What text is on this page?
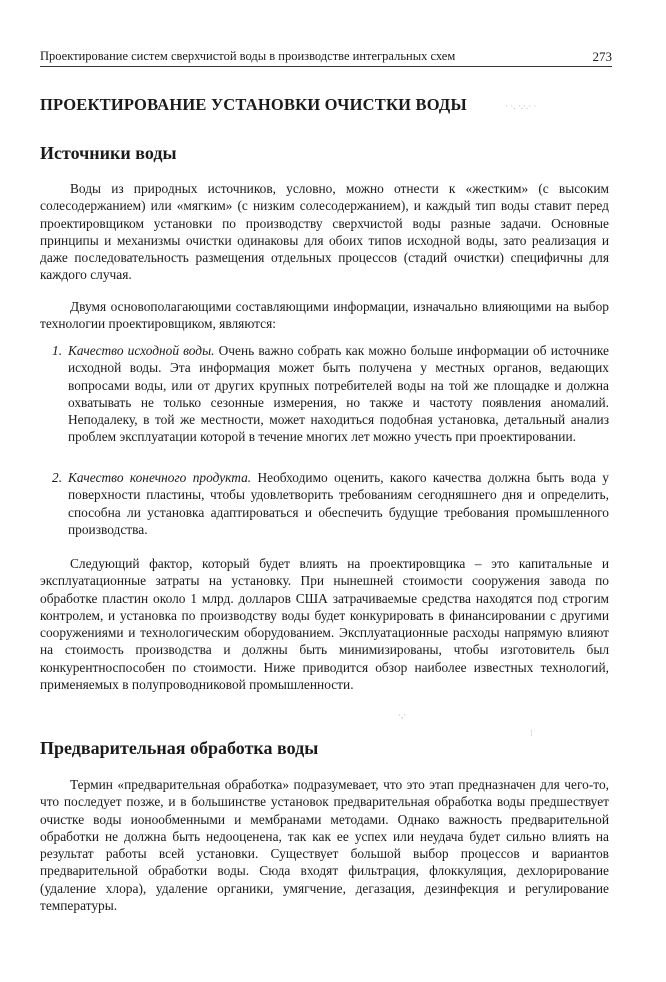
Проектирование систем сверхчистой воды в производстве интегральных схем	273
ПРОЕКТИРОВАНИЕ УСТАНОВКИ ОЧИСТКИ ВОДЫ	· ·. ·.·.· ·
Источники воды

Воды из природных источников, условно, можно отнести к «жестким» (с высоким солесодержанием) или «мягким» (с низким солесодержанием), и каждый тип воды ставит перед проектировщиком установки по производству сверхчистой воды разные задачи. Основные принципы и механизмы очистки одинаковы для обоих типов исходной воды, зато реализация и даже последовательность размещения отдельных процессов (стадий очистки) специфичны для каждого случая.

Двумя основополагающими составляющими информации, изначально влияющими на выбор технологии проектировщиком, являются:

1. Качество исходной воды. Очень важно собрать как можно больше информации об источнике исходной воды. Эта информация может быть получена у местных органов, ведающих вопросами воды, или от других крупных потребителей воды на той же площадке и должна охватывать не только сезонные измерения, но также и частоту появления аномалий. Неподалеку, в той же местности, может находиться подобная установка, детальный анализ проблем эксплуатации которой в течение многих лет можно учесть при проектировании.
2. Качество конечного продукта. Необходимо оценить, какого качества должна быть вода у поверхности пластины, чтобы удовлетворить требованиям сегодняшнего дня и определить, способна ли установка адаптироваться и обеспечить будущие требования промышленного производства.

Следующий фактор, который будет влиять на проектировщика – это капитальные и эксплуатационные затраты на установку. При нынешней стоимости сооружения завода по обработке пластин около 1 млрд. долларов США затрачиваемые средства находятся под строгим контролем, и установка по производству воды будет конкурировать в финансировании с другими сооружениями и технологическим оборудованием. Эксплуатационные расходы напрямую влияют на стоимость производства и должны быть минимизированы, чтобы изготовитель был конкурентноспособен по стоимости. Ниже приводится обзор наиболее известных технологий, применяемых в полупроводниковой промышленности.

·,·
⁝
Предварительная обработка воды

Термин «предварительная обработка» подразумевает, что это этап предназначен для чего-то, что последует позже, и в большинстве установок предварительная обработка воды предшествует очистке воды ионообменными и мембранами методами. Однако важность предварительной обработки не должна быть недооценена, так как ее успех или неудача будет сильно влиять на результат работы всей установки. Существует большой выбор процессов и вариантов предварительной обработки воды. Сюда входят фильтрация, флоккуляция, дехлорирование (удаление хлора), удаление органики, умягчение, дегазация, дезинфекция и регулирование температуры.
